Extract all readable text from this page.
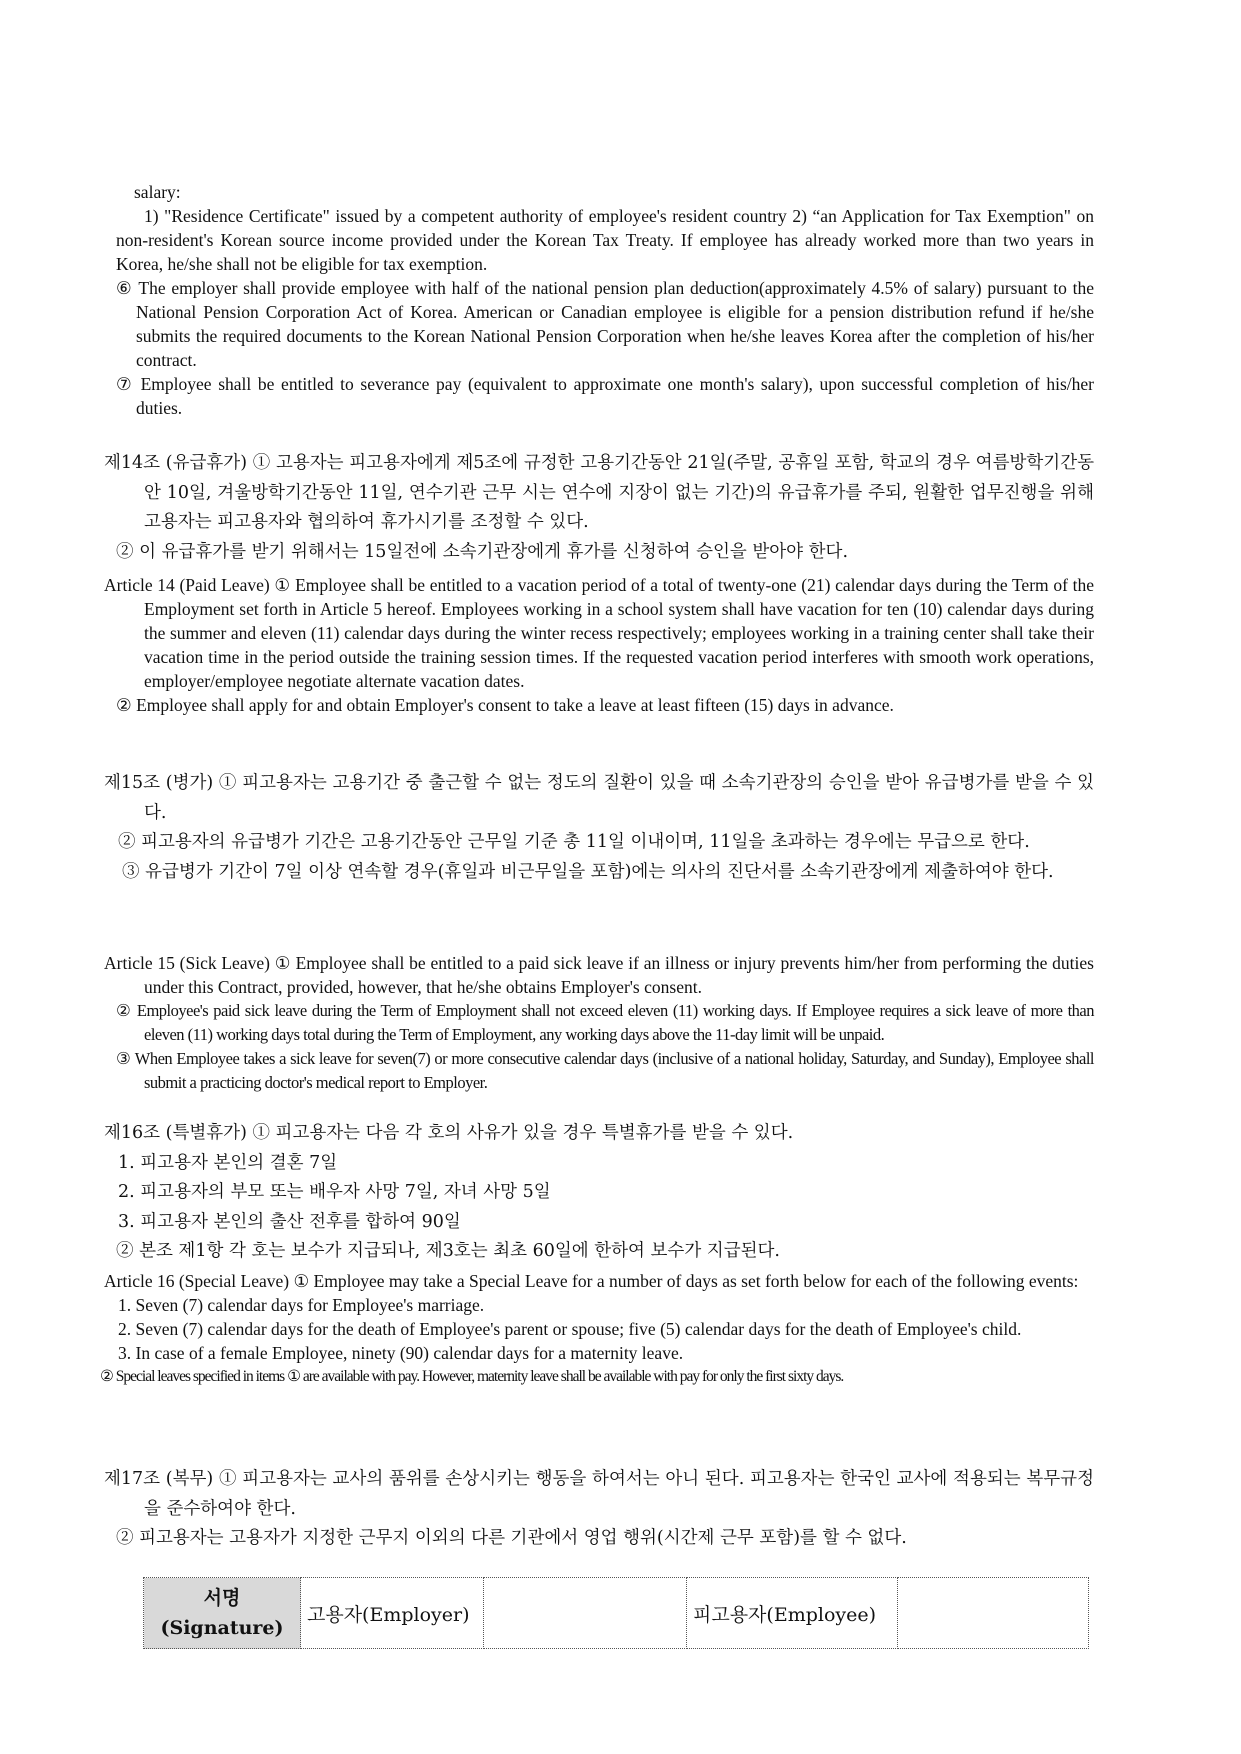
salary:

1) "Residence Certificate" issued by a competent authority of employee's resident country 2) “an Application for Tax Exemption" on non-resident's Korean source income provided under the Korean Tax Treaty. If employee has already worked more than two years in Korea, he/she shall not be eligible for tax exemption.

⑥ The employer shall provide employee with half of the national pension plan deduction(approximately 4.5% of salary) pursuant to the National Pension Corporation Act of Korea. American or Canadian employee is eligible for a pension distribution refund if he/she submits the required documents to the Korean National Pension Corporation when he/she leaves Korea after the completion of his/her contract.

⑦ Employee shall be entitled to severance pay (equivalent to approximate one month's salary), upon successful completion of his/her duties.

제14조 (유급휴가) ① 고용자는 피고용자에게 제5조에 규정한 고용기간동안 21일(주말, 공휴일 포함, 학교의 경우 여름방학기간동안 10일, 겨울방학기간동안 11일, 연수기관 근무 시는 연수에 지장이 없는 기간)의 유급휴가를 주되, 원활한 업무진행을 위해 고용자는 피고용자와 협의하여 휴가시기를 조정할 수 있다.

② 이 유급휴가를 받기 위해서는 15일전에 소속기관장에게 휴가를 신청하여 승인을 받아야 한다.

Article 14 (Paid Leave) ① Employee shall be entitled to a vacation period of a total of twenty-one (21) calendar days during the Term of the Employment set forth in Article 5 hereof. Employees working in a school system shall have vacation for ten (10) calendar days during the summer and eleven (11) calendar days during the winter recess respectively; employees working in a training center shall take their vacation time in the period outside the training session times. If the requested vacation period interferes with smooth work operations, employer/employee negotiate alternate vacation dates.

② Employee shall apply for and obtain Employer's consent to take a leave at least fifteen (15) days in advance.

제15조 (병가) ① 피고용자는 고용기간 중 출근할 수 없는 정도의 질환이 있을 때 소속기관장의 승인을 받아 유급병가를 받을 수 있다.

② 피고용자의 유급병가 기간은 고용기간동안 근무일 기준 총 11일 이내이며, 11일을 초과하는 경우에는 무급으로 한다.

③ 유급병가 기간이 7일 이상 연속할 경우(휴일과 비근무일을 포함)에는 의사의 진단서를 소속기관장에게 제출하여야 한다.

Article 15 (Sick Leave) ① Employee shall be entitled to a paid sick leave if an illness or injury prevents him/her from performing the duties under this Contract, provided, however, that he/she obtains Employer's consent.

② Employee's paid sick leave during the Term of Employment shall not exceed eleven (11) working days. If Employee requires a sick leave of more than eleven (11) working days total during the Term of Employment, any working days above the 11-day limit will be unpaid.

③ When Employee takes a sick leave for seven(7) or more consecutive calendar days (inclusive of a national holiday, Saturday, and Sunday), Employee shall submit a practicing doctor's medical report to Employer.

제16조 (특별휴가) ① 피고용자는 다음 각 호의 사유가 있을 경우 특별휴가를 받을 수 있다.

1. 피고용자 본인의 결혼 7일

2. 피고용자의 부모 또는 배우자 사망 7일, 자녀 사망 5일

3. 피고용자 본인의 출산 전후를 합하여 90일

② 본조 제1항 각 호는 보수가 지급되나, 제3호는 최초 60일에 한하여 보수가 지급된다.

Article 16 (Special Leave) ① Employee may take a Special Leave for a number of days as set forth below for each of the following events:

1. Seven (7) calendar days for Employee's marriage.

2. Seven (7) calendar days for the death of Employee's parent or spouse; five (5) calendar days for the death of Employee's child.

3. In case of a female Employee, ninety (90) calendar days for a maternity leave.

② Special leaves specified in items ① are available with pay. However, maternity leave shall be available with pay for only the first sixty days.

제17조 (복무) ① 피고용자는 교사의 품위를 손상시키는 행동을 하여서는 아니 된다. 피고용자는 한국인 교사에 적용되는 복무규정을 준수하여야 한다.

② 피고용자는 고용자가 지정한 근무지 이외의 다른 기관에서 영업 행위(시간제 근무 포함)를 할 수 없다.

서명
(Signature)
	고용자(Employer)		피고용자(Employee)	
